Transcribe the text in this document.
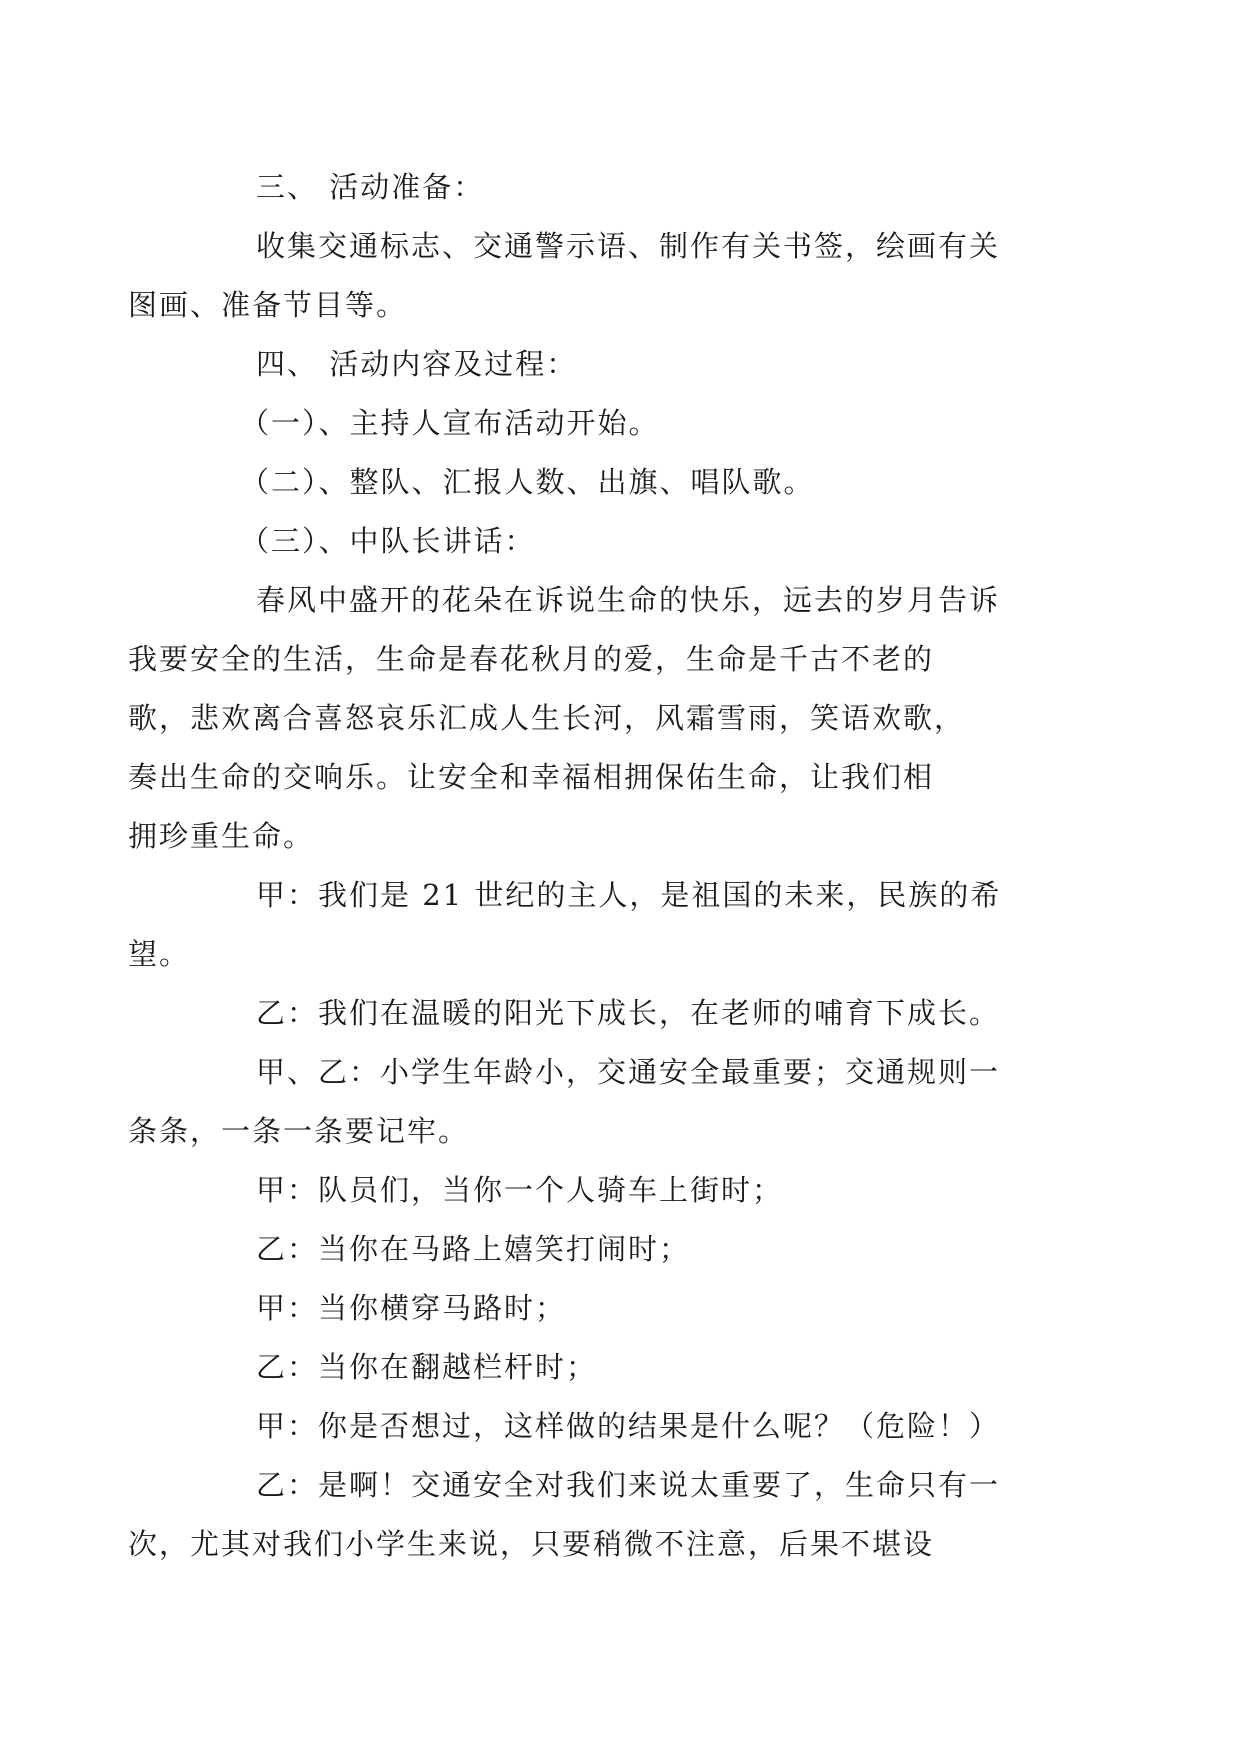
三、 活动准备：

收集交通标志、交通警示语、制作有关书签，绘画有关
图画、准备节目等。

四、 活动内容及过程：

（一）、主持人宣布活动开始。

（二）、整队、汇报人数、出旗、唱队歌。

（三）、中队长讲话：

春风中盛开的花朵在诉说生命的快乐，远去的岁月告诉
我要安全的生活，生命是春花秋月的爱，生命是千古不老的
歌，悲欢离合喜怒哀乐汇成人生长河，风霜雪雨，笑语欢歌，
奏出生命的交响乐。让安全和幸福相拥保佑生命，让我们相
拥珍重生命。

甲：我们是 21 世纪的主人，是祖国的未来，民族的希
望。

乙：我们在温暖的阳光下成长，在老师的哺育下成长。

甲、乙：小学生年龄小，交通安全最重要；交通规则一
条条，一条一条要记牢。

甲：队员们，当你一个人骑车上街时；

乙：当你在马路上嬉笑打闹时；

甲：当你横穿马路时；

乙：当你在翻越栏杆时；

甲：你是否想过，这样做的结果是什么呢？（危险！）

乙：是啊！交通安全对我们来说太重要了，生命只有一
次，尤其对我们小学生来说，只要稍微不注意，后果不堪设
